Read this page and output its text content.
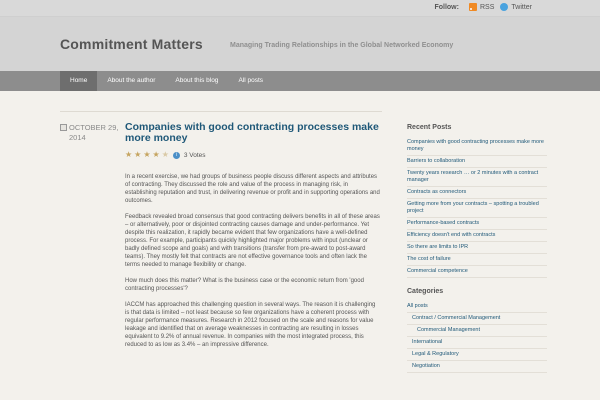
Follow:	RSS Twitter
Commitment Matters	Managing Trading Relationships in the Global Networked Economy
Home	About the author	About this blog	All posts
OCTOBER 29,
2014
Companies with good contracting processes make more money
★ ★ ★ ★ ★	i	3 Votes

In a recent exercise, we had groups of business people discuss different aspects and attributes of contracting. They discussed the role and value of the process in managing risk, in establishing reputation and trust, in delivering revenue or profit and in supporting operations and outcomes.

Feedback revealed broad consensus that good contracting delivers benefits in all of these areas – or alternatively, poor or disjointed contracting causes damage and under-performance. Yet despite this realization, it rapidly became evident that few organizations have a well-defined process. For example, participants quickly highlighted major problems with input (unclear or badly defined scope and goals) and with transitions (transfer from pre-award to post-award teams). They mostly felt that contracts are not effective governance tools and often lack the terms needed to manage flexibility or change.

How much does this matter? What is the business case or the economic return from 'good contracting processes'?

IACCM has approached this challenging question in several ways. The reason it is challenging is that data is limited – not least because so few organizations have a coherent process with regular performance measures. Research in 2012 focused on the scale and reasons for value leakage and identified that on average weaknesses in contracting are resulting in losses equivalent to 9.2% of annual revenue. In companies with the most integrated process, this reduced to as low as 3.4% – an impressive difference.

Recent Posts
Companies with good contracting processes make more money
Barriers to collaboration
Twenty years research … or 2 minutes with a contract manager
Contracts as connectors
Getting more from your contracts – spotting a troubled project
Performance-based contracts
Efficiency doesn't end with contracts
So there are limits to IPR
The cost of failure
Commercial competence
Categories
All posts
Contract / Commercial Management
Commercial Management
International
Legal & Regulatory
Negotiation
